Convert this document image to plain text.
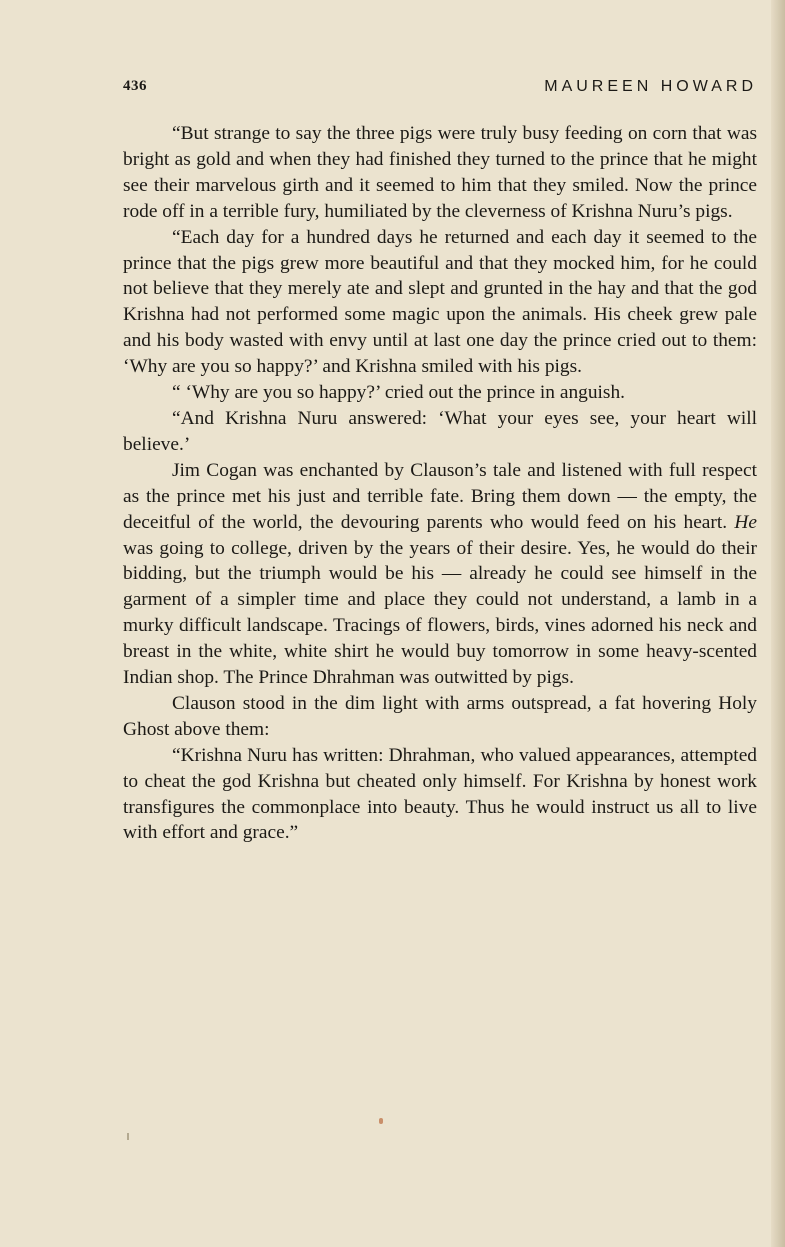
436	MAUREEN HOWARD

“But strange to say the three pigs were truly busy feeding on corn that was bright as gold and when they had finished they turned to the prince that he might see their marvelous girth and it seemed to him that they smiled. Now the prince rode off in a terrible fury, humiliated by the cleverness of Krishna Nuru’s pigs.

“Each day for a hundred days he returned and each day it seemed to the prince that the pigs grew more beautiful and that they mocked him, for he could not believe that they merely ate and slept and grunted in the hay and that the god Krishna had not performed some magic upon the animals. His cheek grew pale and his body wasted with envy until at last one day the prince cried out to them: ‘Why are you so happy?’ and Krishna smiled with his pigs.

“ ‘Why are you so happy?’ cried out the prince in anguish.

“And Krishna Nuru answered: ‘What your eyes see, your heart will believe.’

Jim Cogan was enchanted by Clauson’s tale and listened with full respect as the prince met his just and terrible fate. Bring them down — the empty, the deceitful of the world, the devouring parents who would feed on his heart. He was going to college, driven by the years of their desire. Yes, he would do their bidding, but the triumph would be his — already he could see himself in the garment of a simpler time and place they could not understand, a lamb in a murky difficult landscape. Tracings of flowers, birds, vines adorned his neck and breast in the white, white shirt he would buy tomorrow in some heavy-scented Indian shop. The Prince Dhrahman was outwitted by pigs.

Clauson stood in the dim light with arms outspread, a fat hovering Holy Ghost above them:

“Krishna Nuru has written: Dhrahman, who valued appearances, attempted to cheat the god Krishna but cheated only himself. For Krishna by honest work transfigures the commonplace into beauty. Thus he would instruct us all to live with effort and grace.”
